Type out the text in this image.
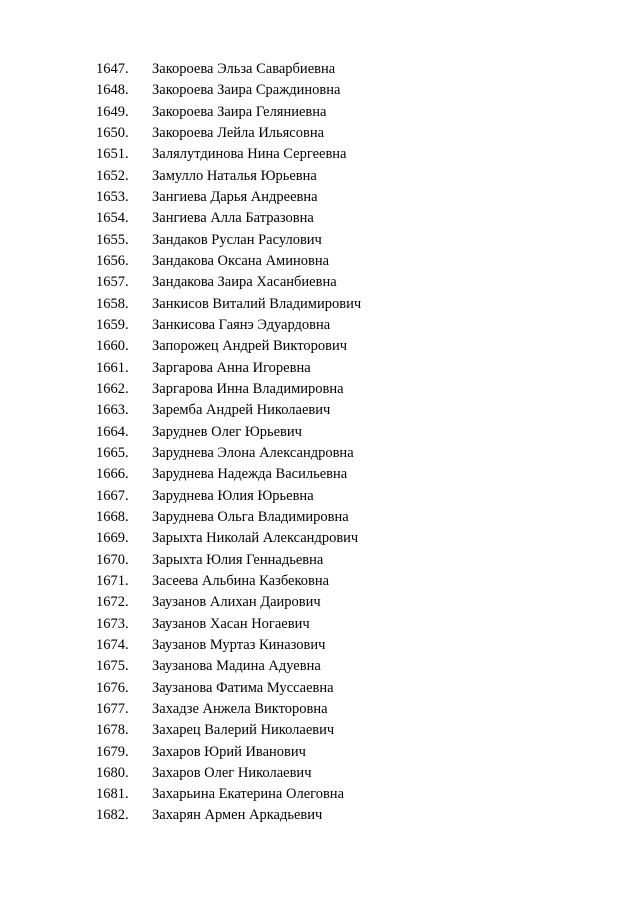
1647. Закороева Эльза Саварбиевна
1648. Закороева Заира Сраждиновна
1649. Закороева Заира Геляниевна
1650. Закороева Лейла Ильясовна
1651. Залялутдинова Нина Сергеевна
1652. Замулло Наталья Юрьевна
1653. Зангиева Дарья Андреевна
1654. Зангиева Алла Батразовна
1655. Зандаков Руслан Расулович
1656. Зандакова Оксана Аминовна
1657. Зандакова Заира Хасанбиевна
1658. Занкисов Виталий Владимирович
1659. Занкисова Гаянэ Эдуардовна
1660. Запорожец Андрей Викторович
1661. Заргарова Анна Игоревна
1662. Заргарова Инна Владимировна
1663. Заремба Андрей Николаевич
1664. Заруднев Олег Юрьевич
1665. Заруднева Элона Александровна
1666. Заруднева Надежда Васильевна
1667. Заруднева Юлия Юрьевна
1668. Заруднева Ольга Владимировна
1669. Зарыхта Николай Александрович
1670. Зарыхта Юлия Геннадьевна
1671. Засеева Альбина Казбековна
1672. Заузанов Алихан Даирович
1673. Заузанов Хасан Ногаевич
1674. Заузанов Муртаз Киназович
1675. Заузанова Мадина Адуевна
1676. Заузанова Фатима Муссаевна
1677. Захадзе Анжела Викторовна
1678. Захарец Валерий Николаевич
1679. Захаров Юрий Иванович
1680. Захаров Олег Николаевич
1681. Захарьина Екатерина Олеговна
1682. Захарян Армен Аркадьевич
